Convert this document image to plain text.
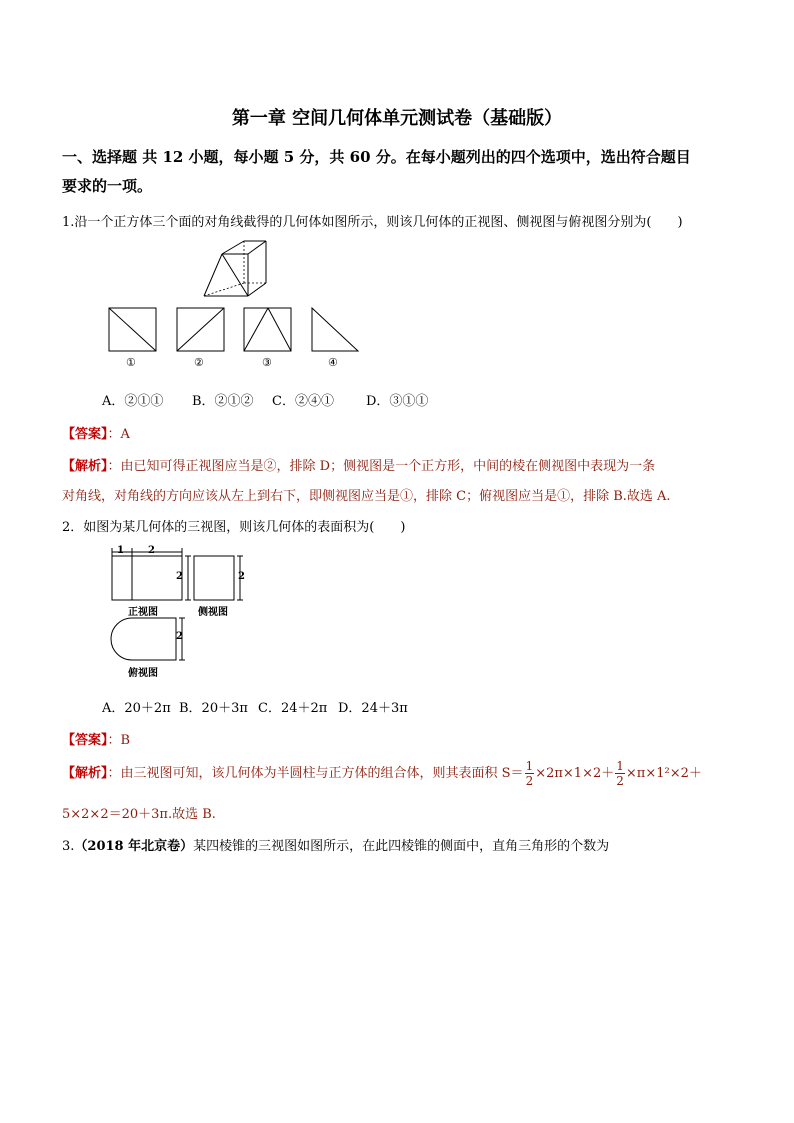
第一章 空间几何体单元测试卷（基础版）
一、选择题 共 12 小题，每小题 5 分，共 60 分。在每小题列出的四个选项中，选出符合题目
要求的一项。
1.沿一个正方体三个面的对角线截得的几何体如图所示，则该几何体的正视图、侧视图与俯视图分别为(　　)
①	②	③	④
A．②①① B．②①② C．②④① D．③①①
【答案】：A
【解析】：由已知可得正视图应当是②，排除 D；侧视图是一个正方形，中间的棱在侧视图中表现为一条
对角线，对角线的方向应该从左上到右下，即侧视图应当是①，排除 C；俯视图应当是①，排除 B.故选 A.
2．如图为某几何体的三视图，则该几何体的表面积为(　　)
1 2
2	2
2
正视图	侧视图
俯视图
A．20＋2π B．20＋3π C．24＋2π D．24＋3π
【答案】：B
【解析】：由三视图可知，该几何体为半圆柱与正方体的组合体，则其表面积 $S= \frac{1}{2} \times 2\pi\times 1\times 2+ \frac{1}{2} \times\pi\times 1^2\times 2+$
5×2×2＝20＋3π.故选 B.
3.（2018 年北京卷）某四棱锥的三视图如图所示，在此四棱锥的侧面中，直角三角形的个数为
